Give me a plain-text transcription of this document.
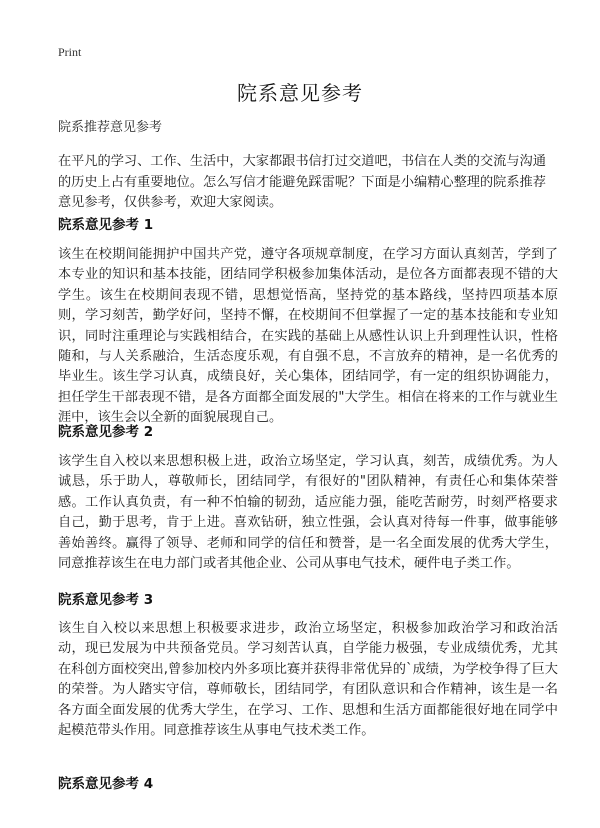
Print
院系意见参考
院系推荐意见参考

在平凡的学习、工作、生活中，大家都跟书信打过交道吧，书信在人类的交流与沟通的历史上占有重要地位。怎么写信才能避免踩雷呢？下面是小编精心整理的院系推荐意见参考，仅供参考，欢迎大家阅读。

院系意见参考 1

该生在校期间能拥护中国共产党，遵守各项规章制度，在学习方面认真刻苦，学到了本专业的知识和基本技能，团结同学积极参加集体活动，是位各方面都表现不错的大学生。该生在校期间表现不错，思想觉悟高，坚持党的基本路线，坚持四项基本原则，学习刻苦，勤学好问，坚持不懈，在校期间不但掌握了一定的基本技能和专业知识，同时注重理论与实践相结合，在实践的基础上从感性认识上升到理性认识，性格随和，与人关系融洽，生活态度乐观，有自强不息，不言放弃的精神，是一名优秀的毕业生。该生学习认真，成绩良好，关心集体，团结同学，有一定的组织协调能力，担任学生干部表现不错，是各方面都全面发展的"大学生。相信在将来的工作与就业生涯中，该生会以全新的面貌展现自己。

院系意见参考 2

该学生自入校以来思想积极上进，政治立场坚定，学习认真，刻苦，成绩优秀。为人诚恳，乐于助人，尊敬师长，团结同学，有很好的"团队精神，有责任心和集体荣誉感。工作认真负责，有一种不怕输的韧劲，适应能力强，能吃苦耐劳，时刻严格要求自己，勤于思考，肯于上进。喜欢钻研，独立性强，会认真对待每一件事，做事能够善始善终。赢得了领导、老师和同学的信任和赞誉，是一名全面发展的优秀大学生，同意推荐该生在电力部门或者其他企业、公司从事电气技术，硬件电子类工作。

院系意见参考 3

该生自入校以来思想上积极要求进步，政治立场坚定，积极参加政治学习和政治活动，现已发展为中共预备党员。学习刻苦认真，自学能力极强，专业成绩优秀，尤其在科创方面校突出,曾参加校内外多项比赛并获得非常优异的`成绩，为学校争得了巨大的荣誉。为人踏实守信，尊师敬长，团结同学，有团队意识和合作精神，该生是一名各方面全面发展的优秀大学生，在学习、工作、思想和生活方面都能很好地在同学中起模范带头作用。同意推荐该生从事电气技术类工作。

院系意见参考 4
